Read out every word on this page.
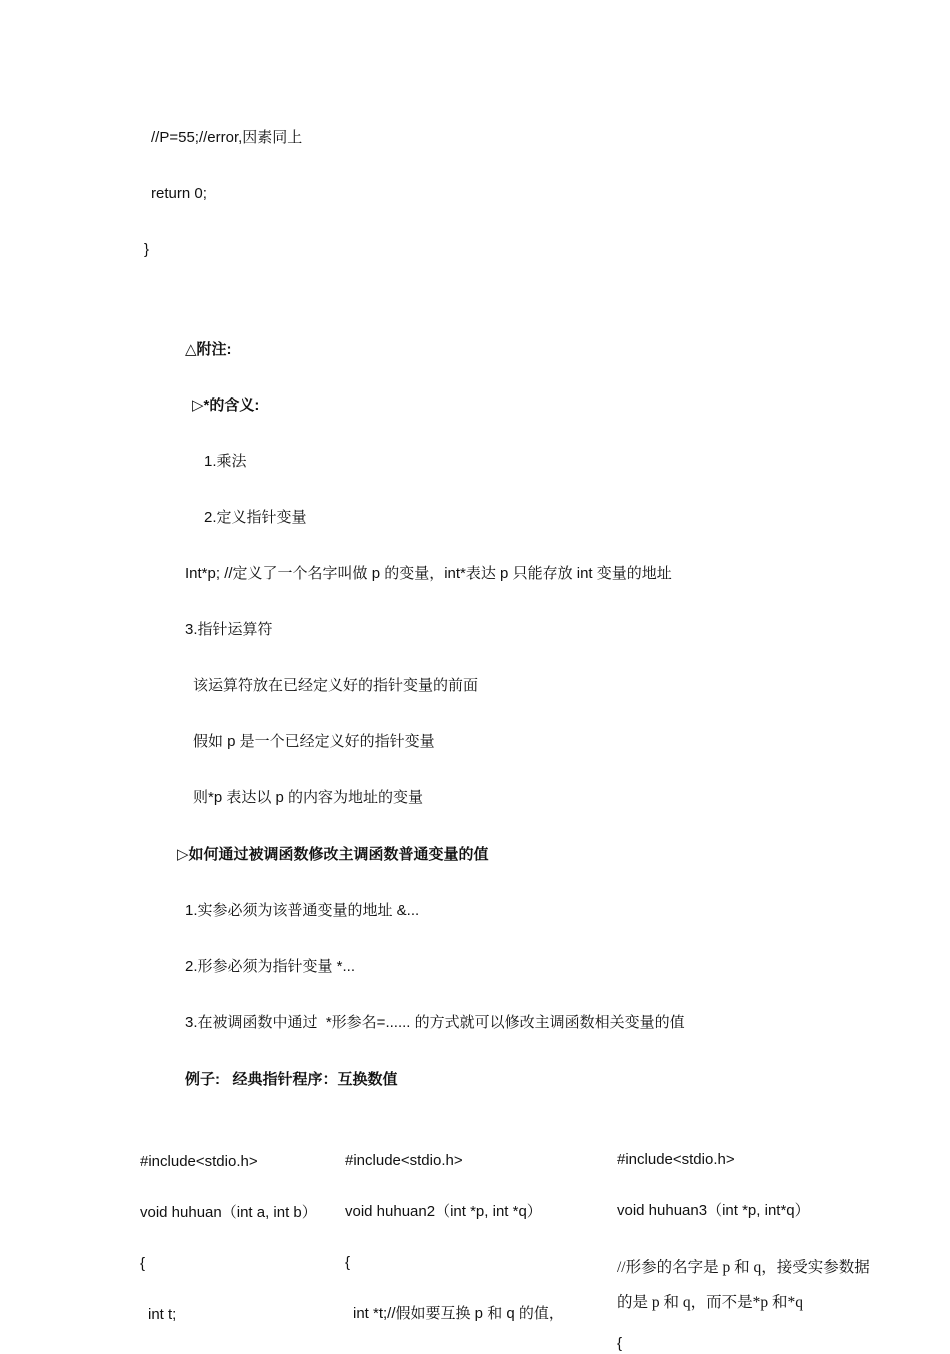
//P=55;//error,因素同上
return 0;
}
△附注:
▷*的含义:
1.乘法
2.定义指针变量
Int*p; //定义了一个名字叫做 p 的变量，int*表达 p 只能存放 int 变量的地址
3.指针运算符
该运算符放在已经定义好的指针变量的前面
假如 p 是一个已经定义好的指针变量
则*p 表达以 p 的内容为地址的变量
▷如何通过被调函数修改主调函数普通变量的值
1.实参必须为该普通变量的地址 &...
2.形参必须为指针变量 *...
3.在被调函数中通过  *形参名=...... 的方式就可以修改主调函数相关变量的值
例子:   经典指针程序：互换数值
#include<stdio.h>
void huhuan（int a, int b）
{
int t;
#include<stdio.h>
void huhuan2（int *p, int *q）
{
int *t;//假如要互换 p 和 q 的值，
#include<stdio.h>
void huhuan3（int *p, int*q）
//形参的名字是 p 和 q，接受实参数据的是 p 和 q，而不是*p 和*q
{
